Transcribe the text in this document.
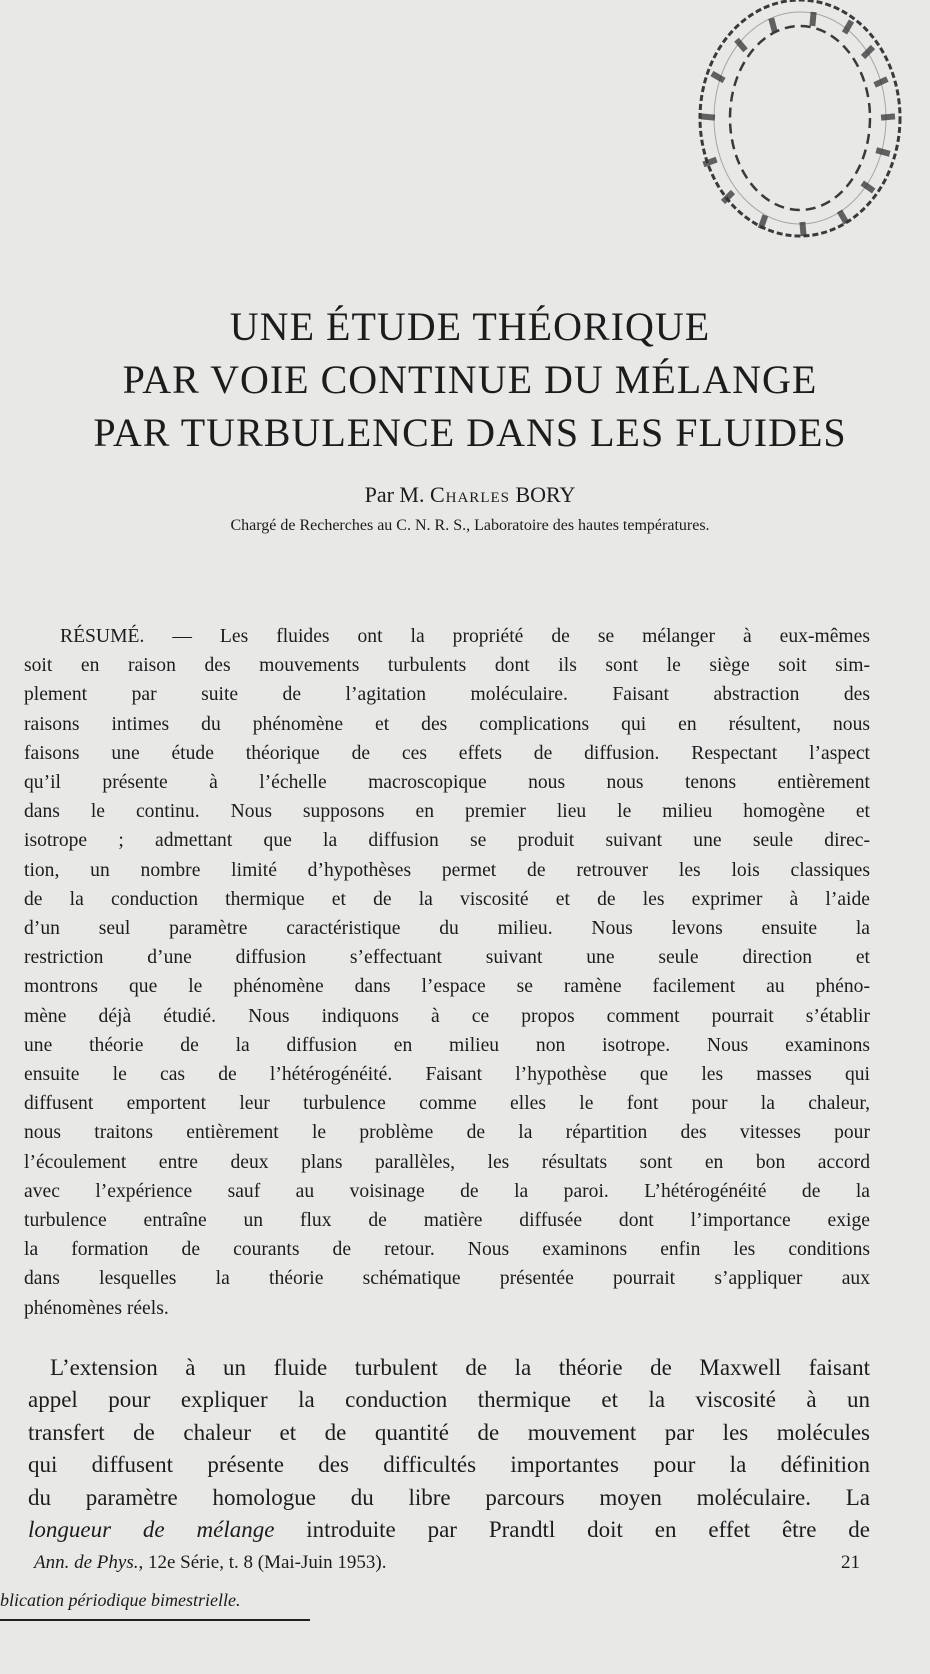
UNE ÉTUDE THÉORIQUE
PAR VOIE CONTINUE DU MÉLANGE
PAR TURBULENCE DANS LES FLUIDES
Par M. Charles BORY
Chargé de Recherches au C. N. R. S., Laboratoire des hautes températures.

RÉSUMÉ. — Les fluides ont la propriété de se mélanger à eux-mêmes
soit en raison des mouvements turbulents dont ils sont le siège soit sim-
plement par suite de l’agitation moléculaire. Faisant abstraction des
raisons intimes du phénomène et des complications qui en résultent, nous
faisons une étude théorique de ces effets de diffusion. Respectant l’aspect
qu’il présente à l’échelle macroscopique nous nous tenons entièrement
dans le continu. Nous supposons en premier lieu le milieu homogène et
isotrope ; admettant que la diffusion se produit suivant une seule direc-
tion, un nombre limité d’hypothèses permet de retrouver les lois classiques
de la conduction thermique et de la viscosité et de les exprimer à l’aide
d’un seul paramètre caractéristique du milieu. Nous levons ensuite la
restriction d’une diffusion s’effectuant suivant une seule direction et
montrons que le phénomène dans l’espace se ramène facilement au phéno-
mène déjà étudié. Nous indiquons à ce propos comment pourrait s’établir
une théorie de la diffusion en milieu non isotrope. Nous examinons
ensuite le cas de l’hétérogénéité. Faisant l’hypothèse que les masses qui
diffusent emportent leur turbulence comme elles le font pour la chaleur,
nous traitons entièrement le problème de la répartition des vitesses pour
l’écoulement entre deux plans parallèles, les résultats sont en bon accord
avec l’expérience sauf au voisinage de la paroi. L’hétérogénéité de la
turbulence entraîne un flux de matière diffusée dont l’importance exige
la formation de courants de retour. Nous examinons enfin les conditions
dans lesquelles la théorie schématique présentée pourrait s’appliquer aux
phénomènes réels.

L’extension à un fluide turbulent de la théorie de Maxwell faisant
appel pour expliquer la conduction thermique et la viscosité à un
transfert de chaleur et de quantité de mouvement par les molécules
qui diffusent présente des difficultés importantes pour la définition
du paramètre homologue du libre parcours moyen moléculaire. La
longueur de mélange introduite par Prandtl doit en effet être de

Ann. de Phys., 12e Série, t. 8 (Mai-Juin 1953).	21
blication périodique bimestrielle.
